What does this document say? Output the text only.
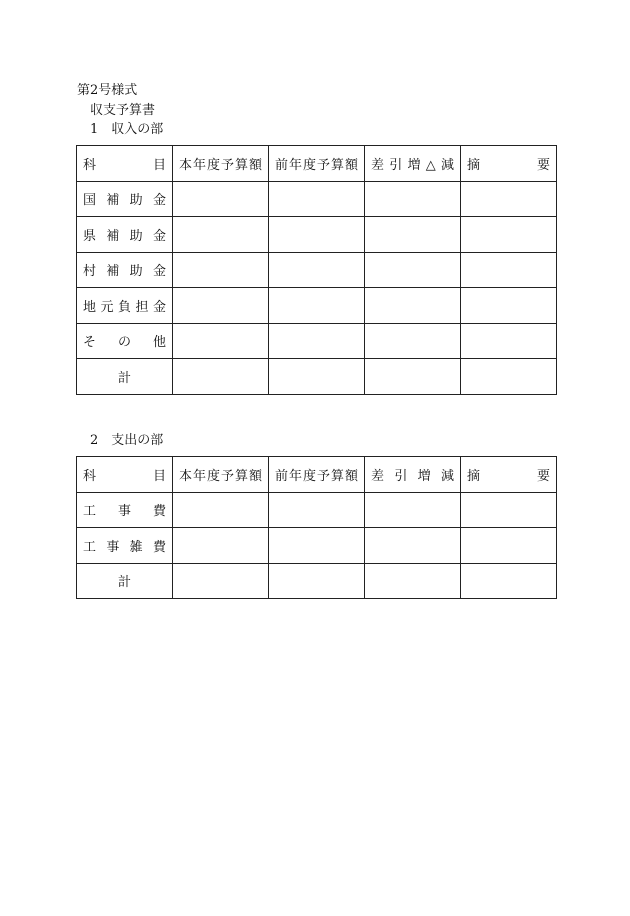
第2号様式
収支予算書
1　収入の部
科　　目	本年度予算額	前年度予算額	差引増△減	摘　　要
国補助金				
県補助金				
村補助金				
地元負担金				
その他				
計				
2　支出の部
科　　目	本年度予算額	前年度予算額	差引増減	摘　　要
工事費				
工事雑費				
計				
